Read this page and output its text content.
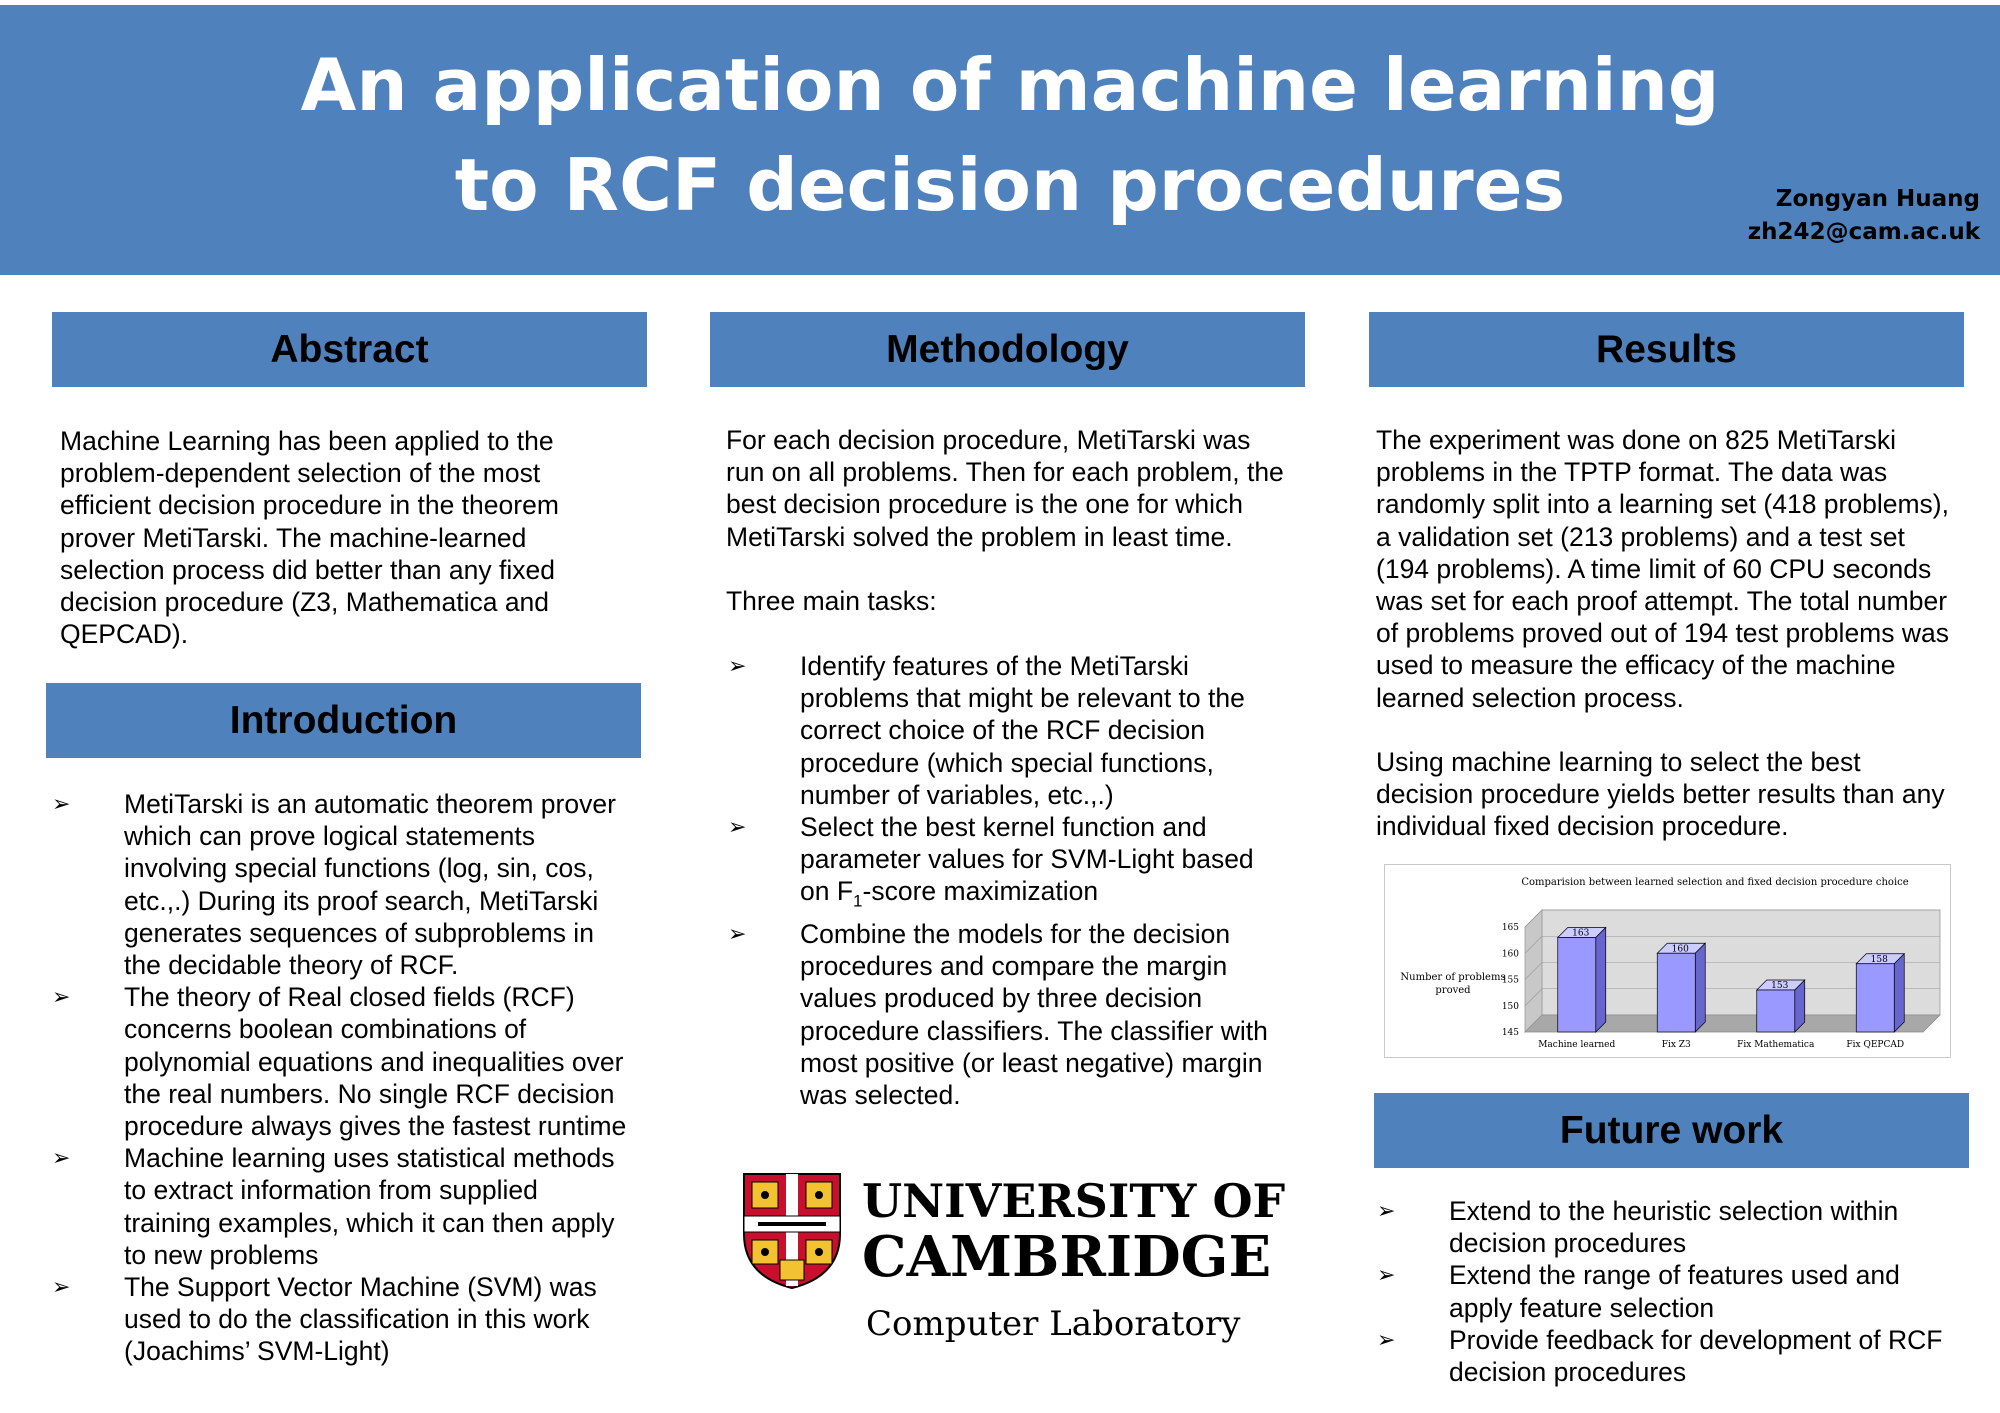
An application of machine learning
to RCF decision procedures	Zongyan Huang
zh242@cam.ac.uk
Abstract
Machine Learning has been applied to the
problem-dependent selection of the most
efficient decision procedure in the theorem
prover MetiTarski. The machine-learned
selection process did better than any fixed
decision procedure (Z3, Mathematica and
QEPCAD).
Introduction
➢ MetiTarski is an automatic theorem prover
which can prove logical statements
involving special functions (log, sin, cos,
etc.,.) During its proof search, MetiTarski
generates sequences of subproblems in
the decidable theory of RCF.
➢ The theory of Real closed fields (RCF)
concerns boolean combinations of
polynomial equations and inequalities over
the real numbers. No single RCF decision
procedure always gives the fastest runtime
➢ Machine learning uses statistical methods
to extract information from supplied
training examples, which it can then apply
to new problems
➢ The Support Vector Machine (SVM) was
used to do the classification in this work
(Joachims’ SVM-Light)
Methodology
For each decision procedure, MetiTarski was
run on all problems. Then for each problem, the
best decision procedure is the one for which
MetiTarski solved the problem in least time.
Three main tasks:
➢ Identify features of the MetiTarski
problems that might be relevant to the
correct choice of the RCF decision
procedure (which special functions,
number of variables, etc.,.)
➢ Select the best kernel function and
parameter values for SVM-Light based
on $F_1$-score maximization
➢ Combine the models for the decision
procedures and compare the margin
values produced by three decision
procedure classifiers. The classifier with
most positive (or least negative) margin
was selected.
UNIVERSITY OF
CAMBRIDGE
Computer Laboratory
Results
The experiment was done on 825 MetiTarski
problems in the TPTP format. The data was
randomly split into a learning set (418 problems),
a validation set (213 problems) and a test set
(194 problems). A time limit of 60 CPU seconds
was set for each proof attempt. The total number
of problems proved out of 194 test problems was
used to measure the efficacy of the machine
learned selection process.
Using machine learning to select the best
decision procedure yields better results than any
individual fixed decision procedure.
Comparision between learned selection and fixed decision procedure choice
Number of problems
proved
145
150
155
160
165
163
Machine learned
160
Fix Z3
153
Fix Mathematica
158
Fix QEPCAD
Future work
➢ Extend to the heuristic selection within
decision procedures
➢ Extend the range of features used and
apply feature selection
➢ Provide feedback for development of RCF
decision procedures
